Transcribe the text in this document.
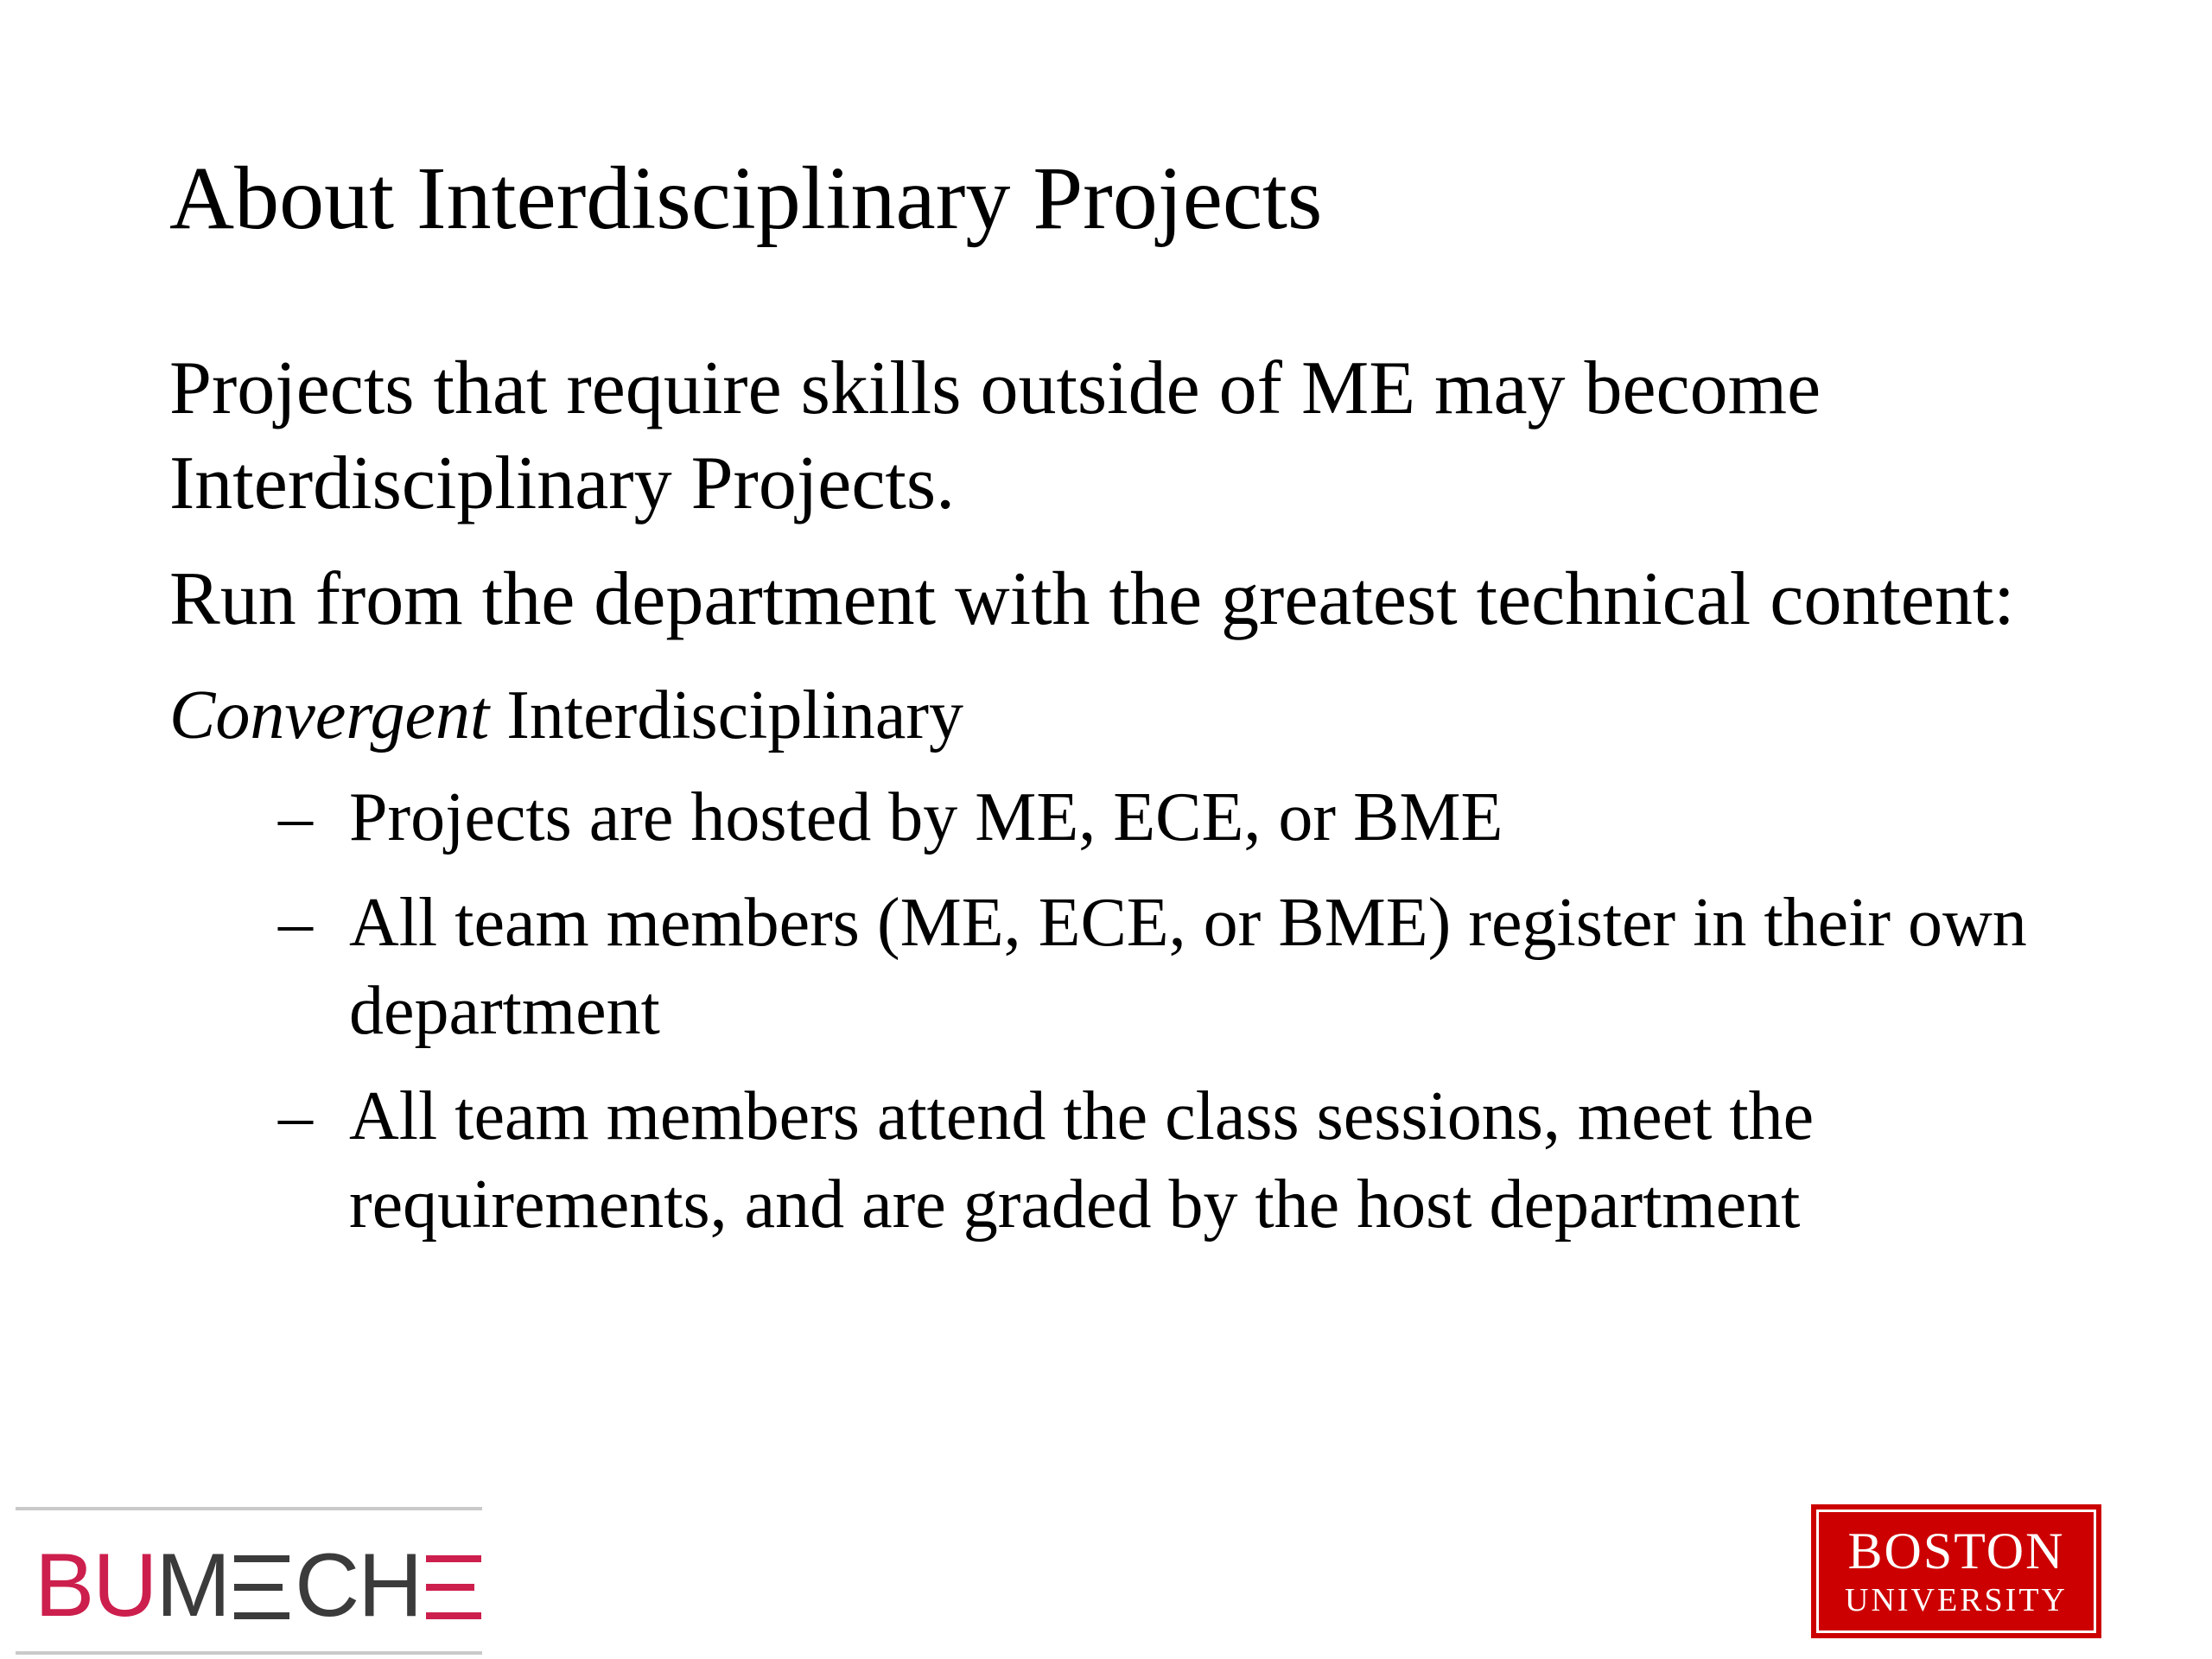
About Interdisciplinary Projects

Projects that require skills outside of ME may become Interdisciplinary Projects.

Run from the department with the greatest technical content:

Convergent Interdisciplinary

– Projects are hosted by ME, ECE, or BME
– All team members (ME, ECE, or BME) register in their own department
– All team members attend the class sessions, meet the requirements, and are graded by the host department
BUM CH	BOSTON
UNIVERSITY
